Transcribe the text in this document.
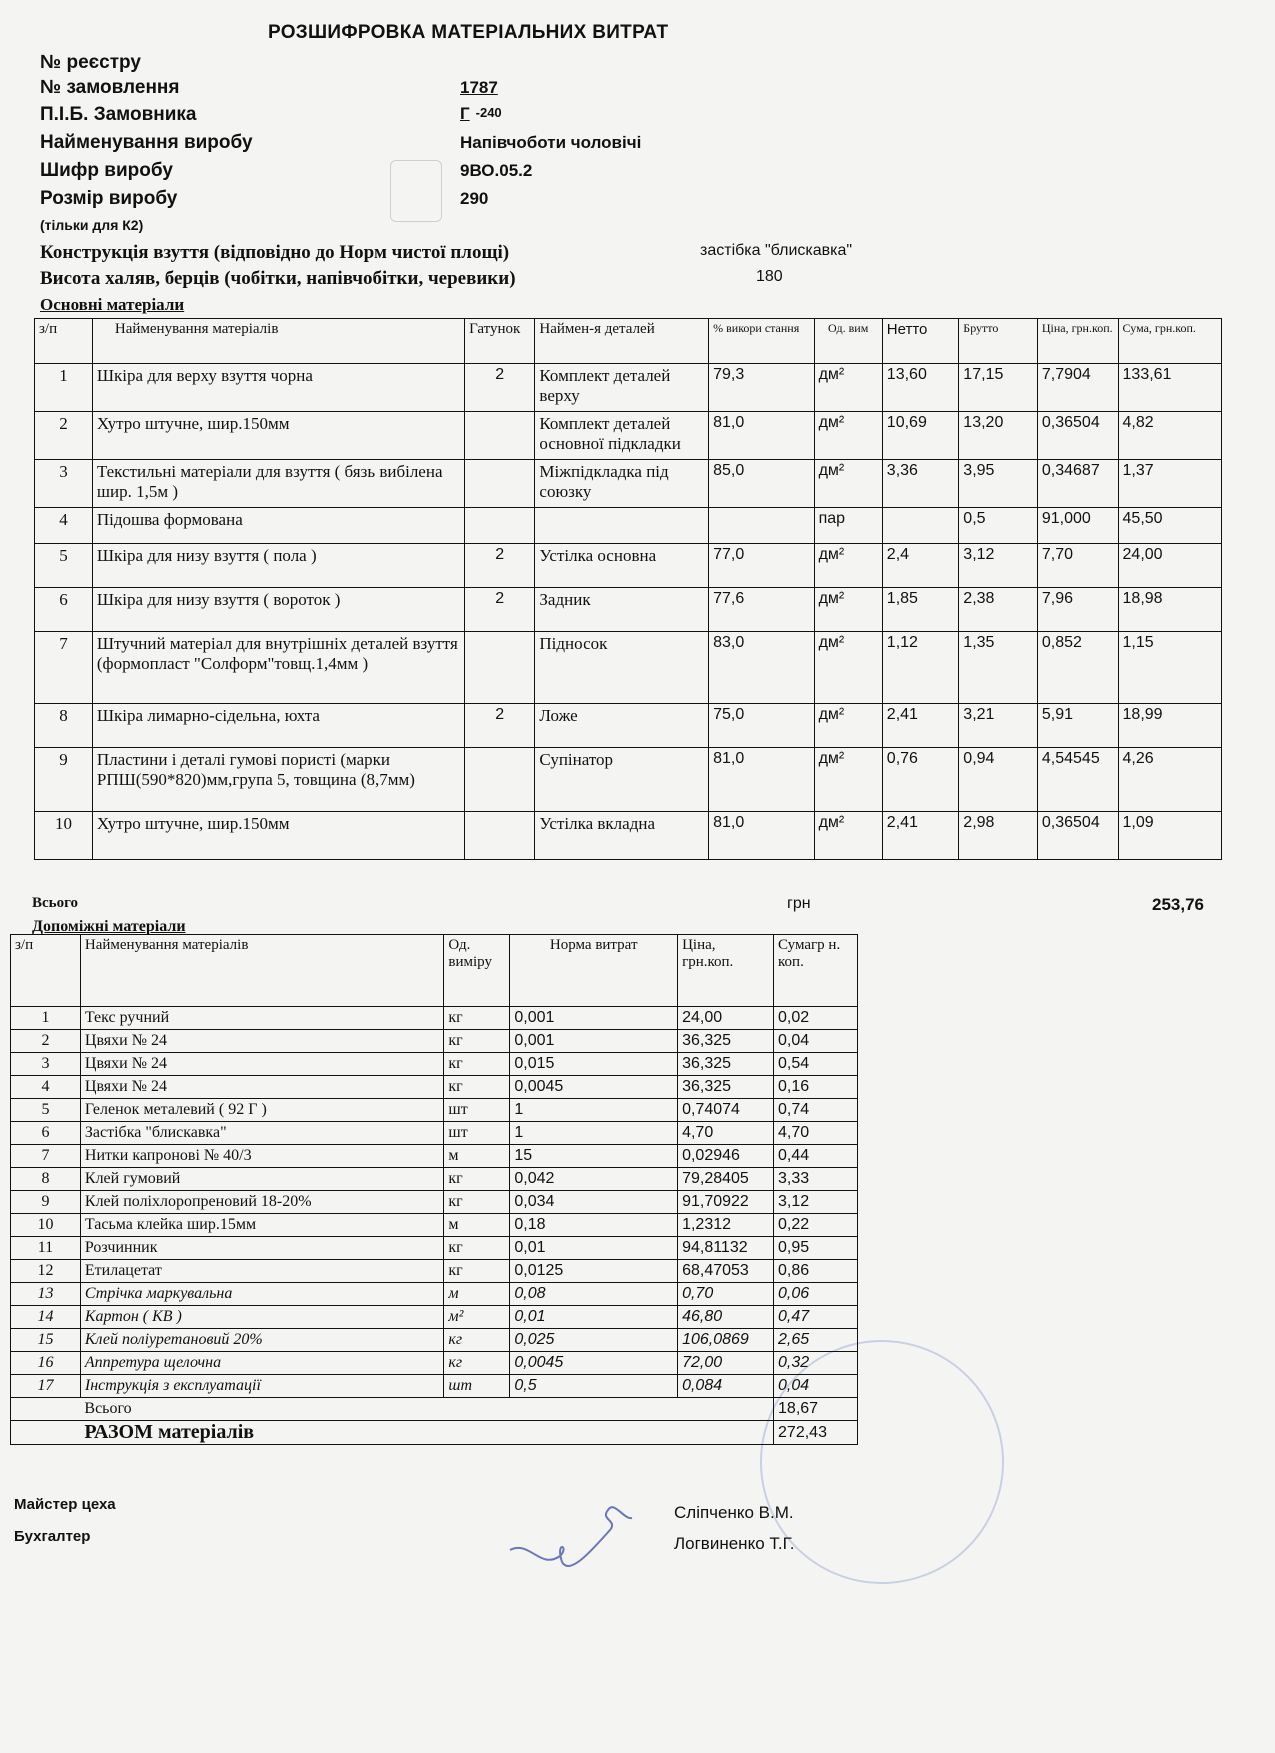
РОЗШИФРОВКА МАТЕРІАЛЬНИХ ВИТРАТ
№ реєстру
№ замовлення	1787
П.І.Б. Замовника	Г -240
Найменування виробу	Напівчоботи чоловічі
Шифр виробу	9ВО.05.2
Розмір виробу	290
(тільки для К2)
Конструкція взуття (відповідно до Норм чистої площі)	застібка "блискавка"
Висота халяв, берців (чобітки, напівчобітки, черевики)	180
Основні матеріали
з/п	Найменування матеріалів	Гатунок	Наймен-я деталей	% викори стання	Од. вим	Нетто	Брутто	Ціна, грн.коп.	Сума, грн.коп.
1	Шкіра для верху взуття чорна	2	Комплект деталей верху	79,3	дм²	13,60	17,15	7,7904	133,61
2	Хутро штучне, шир.150мм		Комплект деталей основної підкладки	81,0	дм²	10,69	13,20	0,36504	4,82
3	Текстильні матеріали для взуття ( бязь вибілена шир. 1,5м )		Міжпідкладка під союзку	85,0	дм²	3,36	3,95	0,34687	1,37
4	Підошва формована				пар		0,5	91,000	45,50
5	Шкіра для низу взуття ( пола )	2	Устілка основна	77,0	дм²	2,4	3,12	7,70	24,00
6	Шкіра для низу взуття ( вороток )	2	Задник	77,6	дм²	1,85	2,38	7,96	18,98
7	Штучний матеріал для внутрішніх деталей взуття (формопласт "Солформ"товщ.1,4мм )		Підносок	83,0	дм²	1,12	1,35	0,852	1,15
8	Шкіра лимарно-сідельна, юхта	2	Ложе	75,0	дм²	2,41	3,21	5,91	18,99
9	Пластини і деталі гумові пористі (марки РПШ(590*820)мм,група 5, товщина (8,7мм)		Супінатор	81,0	дм²	0,76	0,94	4,54545	4,26
10	Хутро штучне, шир.150мм		Устілка вкладна	81,0	дм²	2,41	2,98	0,36504	1,09
Всього	грн	253,76
Допоміжні матеріали
з/п	Найменування матеріалів	Од. виміру	Норма витрат	Ціна, грн.коп.	Сумагр н. коп.
1	Текс ручний	кг	0,001	24,00	0,02
2	Цвяхи № 24	кг	0,001	36,325	0,04
3	Цвяхи № 24	кг	0,015	36,325	0,54
4	Цвяхи № 24	кг	0,0045	36,325	0,16
5	Геленок металевий ( 92 Г )	шт	1	0,74074	0,74
6	Застібка "блискавка"	шт	1	4,70	4,70
7	Нитки капронові № 40/3	м	15	0,02946	0,44
8	Клей гумовий	кг	0,042	79,28405	3,33
9	Клей поліхлоропреновий 18-20%	кг	0,034	91,70922	3,12
10	Тасьма клейка шир.15мм	м	0,18	1,2312	0,22
11	Розчинник	кг	0,01	94,81132	0,95
12	Етилацетат	кг	0,0125	68,47053	0,86
13	Стрічка маркувальна	м	0,08	0,70	0,06
14	Картон ( КВ )	м²	0,01	46,80	0,47
15	Клей поліуретановий 20%	кг	0,025	106,0869	2,65
16	Аппретура щелочна	кг	0,0045	72,00	0,32
17	Інструкція з експлуатації	шт	0,5	0,084	0,04
	Всього				18,67
	РАЗОМ матеріалів				272,43
Майстер цеха	Сліпченко В.М.
Бухгалтер	Логвиненко Т.Г.
